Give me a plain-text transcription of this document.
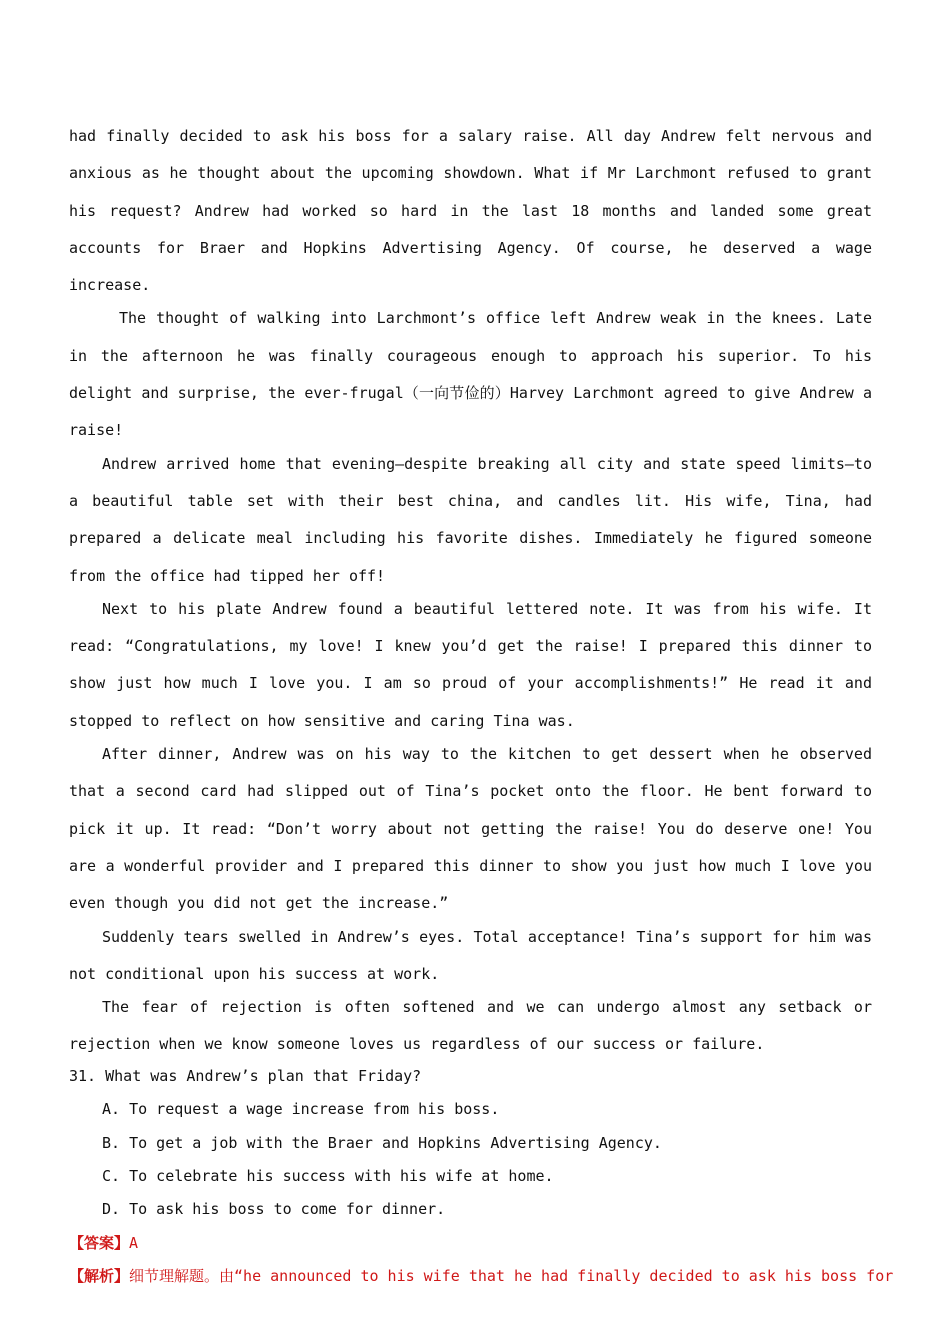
had finally decided to ask his boss for a salary raise. All day Andrew felt nervous and anxious as he thought about the upcoming showdown. What if Mr Larchmont refused to grant his request? Andrew had worked so hard in the last 18 months and landed some great accounts for Braer and Hopkins Advertising Agency. Of course, he deserved a wage increase.

The thought of walking into Larchmont’s office left Andrew weak in the knees. Late in the afternoon he was finally courageous enough to approach his superior. To his delight and surprise, the ever-frugal（一向节俭的）Harvey Larchmont agreed to give Andrew a raise!

Andrew arrived home that evening—despite breaking all city and state speed limits—to a beautiful table set with their best china, and candles lit. His wife, Tina, had prepared a delicate meal including his favorite dishes. Immediately he figured someone from the office had tipped her off!

Next to his plate Andrew found a beautiful lettered note. It was from his wife. It read: “Congratulations, my love! I knew you’d get the raise! I prepared this dinner to show just how much I love you. I am so proud of your accomplishments!” He read it and stopped to reflect on how sensitive and caring Tina was.

After dinner, Andrew was on his way to the kitchen to get dessert when he observed that a second card had slipped out of Tina’s pocket onto the floor. He bent forward to pick it up. It read: “Don’t worry about not getting the raise! You do deserve one! You are a wonderful provider and I prepared this dinner to show you just how much I love you even though you did not get the increase.”

Suddenly tears swelled in Andrew’s eyes. Total acceptance! Tina’s support for him was not conditional upon his success at work.

The fear of rejection is often softened and we can undergo almost any setback or rejection when we know someone loves us regardless of our success or failure.

31. What was Andrew’s plan that Friday?

A. To request a wage increase from his boss.

B. To get a job with the Braer and Hopkins Advertising Agency.

C. To celebrate his success with his wife at home.

D. To ask his boss to come for dinner.

【答案】A

【解析】细节理解题。由“he announced to his wife that he had finally decided to ask his boss for
